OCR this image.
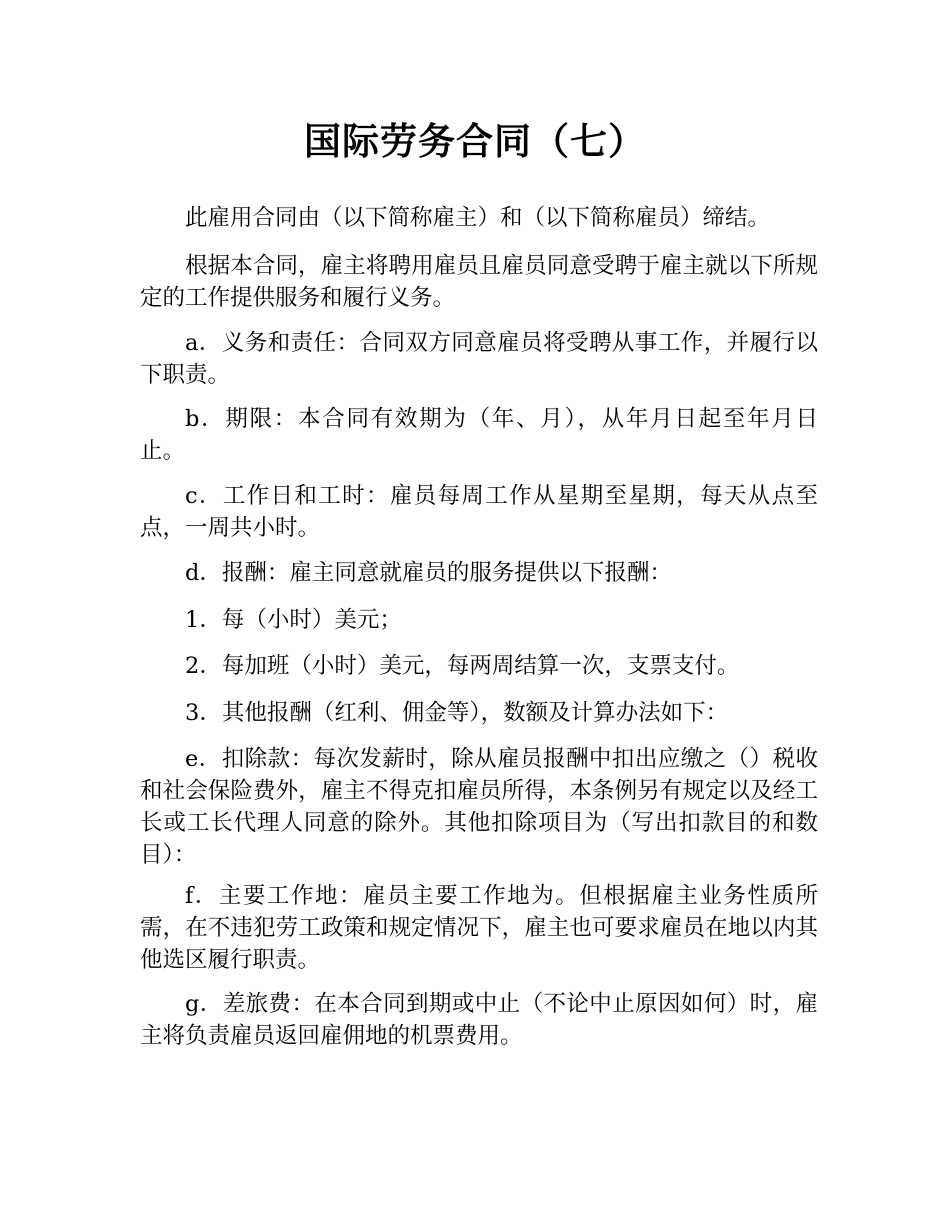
国际劳务合同（七）

此雇用合同由（以下简称雇主）和（以下简称雇员）缔结。

根据本合同，雇主将聘用雇员且雇员同意受聘于雇主就以下所规定的工作提供服务和履行义务。

a．义务和责任：合同双方同意雇员将受聘从事工作，并履行以下职责。

b．期限：本合同有效期为（年、月），从年月日起至年月日止。

c．工作日和工时：雇员每周工作从星期至星期，每天从点至点，一周共小时。

d．报酬：雇主同意就雇员的服务提供以下报酬：

1．每（小时）美元；

2．每加班（小时）美元，每两周结算一次，支票支付。

3．其他报酬（红利、佣金等），数额及计算办法如下：

e．扣除款：每次发薪时，除从雇员报酬中扣出应缴之（）税收和社会保险费外，雇主不得克扣雇员所得，本条例另有规定以及经工长或工长代理人同意的除外。其他扣除项目为（写出扣款目的和数目）：

f．主要工作地：雇员主要工作地为。但根据雇主业务性质所需，在不违犯劳工政策和规定情况下，雇主也可要求雇员在地以内其他选区履行职责。

g．差旅费：在本合同到期或中止（不论中止原因如何）时，雇主将负责雇员返回雇佣地的机票费用。
